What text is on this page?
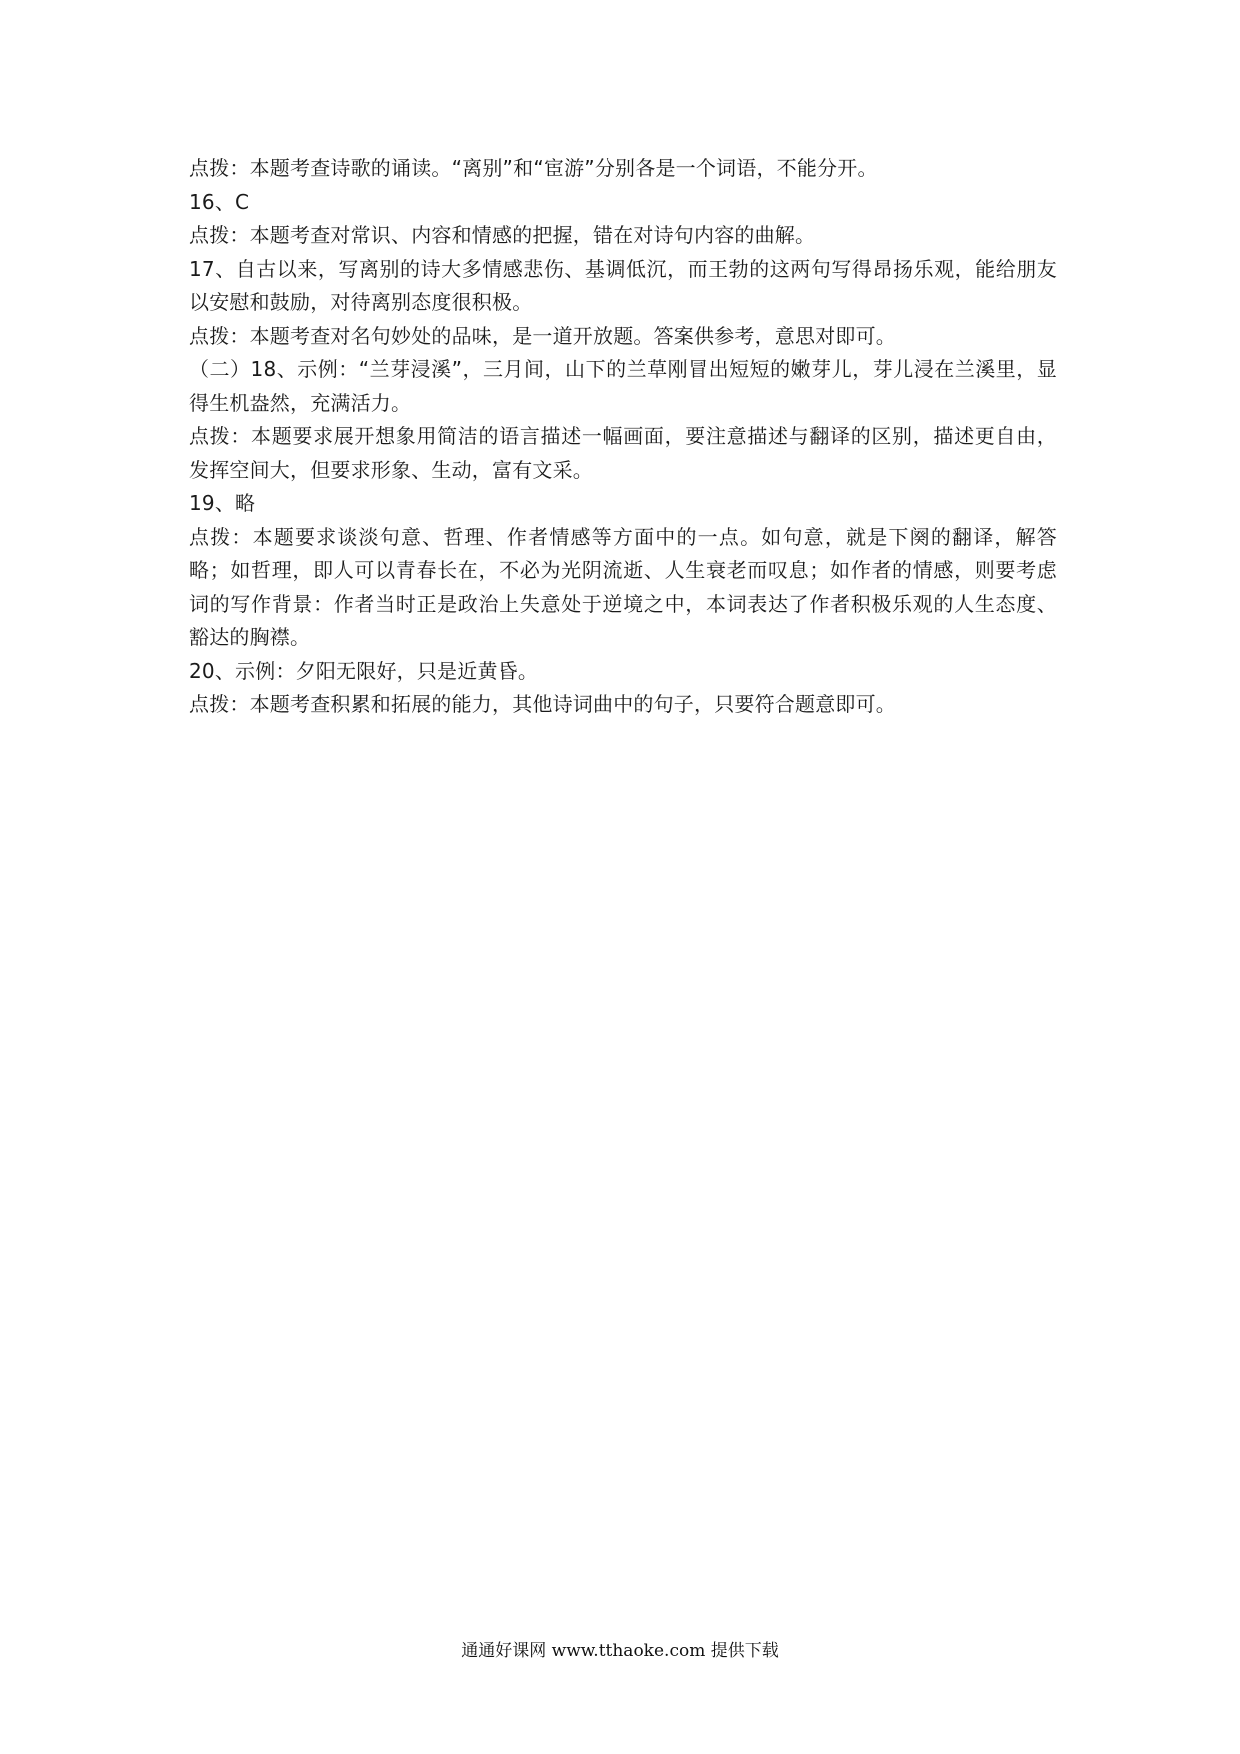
点拨：本题考查诗歌的诵读。“离别”和“宦游”分别各是一个词语，不能分开。

16、C

点拨：本题考查对常识、内容和情感的把握，错在对诗句内容的曲解。

17、自古以来，写离别的诗大多情感悲伤、基调低沉，而王勃的这两句写得昂扬乐观，能给朋友以安慰和鼓励，对待离别态度很积极。

点拨：本题考查对名句妙处的品味，是一道开放题。答案供参考，意思对即可。

（二）18、示例：“兰芽浸溪”，三月间，山下的兰草刚冒出短短的嫩芽儿，芽儿浸在兰溪里，显得生机盎然，充满活力。

点拨：本题要求展开想象用简洁的语言描述一幅画面，要注意描述与翻译的区别，描述更自由，发挥空间大，但要求形象、生动，富有文采。

19、略

点拨：本题要求谈淡句意、哲理、作者情感等方面中的一点。如句意，就是下阕的翻译，解答略；如哲理，即人可以青春长在，不必为光阴流逝、人生衰老而叹息；如作者的情感，则要考虑词的写作背景：作者当时正是政治上失意处于逆境之中，本词表达了作者积极乐观的人生态度、豁达的胸襟。

20、示例：夕阳无限好，只是近黄昏。

点拨：本题考查积累和拓展的能力，其他诗词曲中的句子，只要符合题意即可。

通通好课网 www.tthaoke.com 提供下载
